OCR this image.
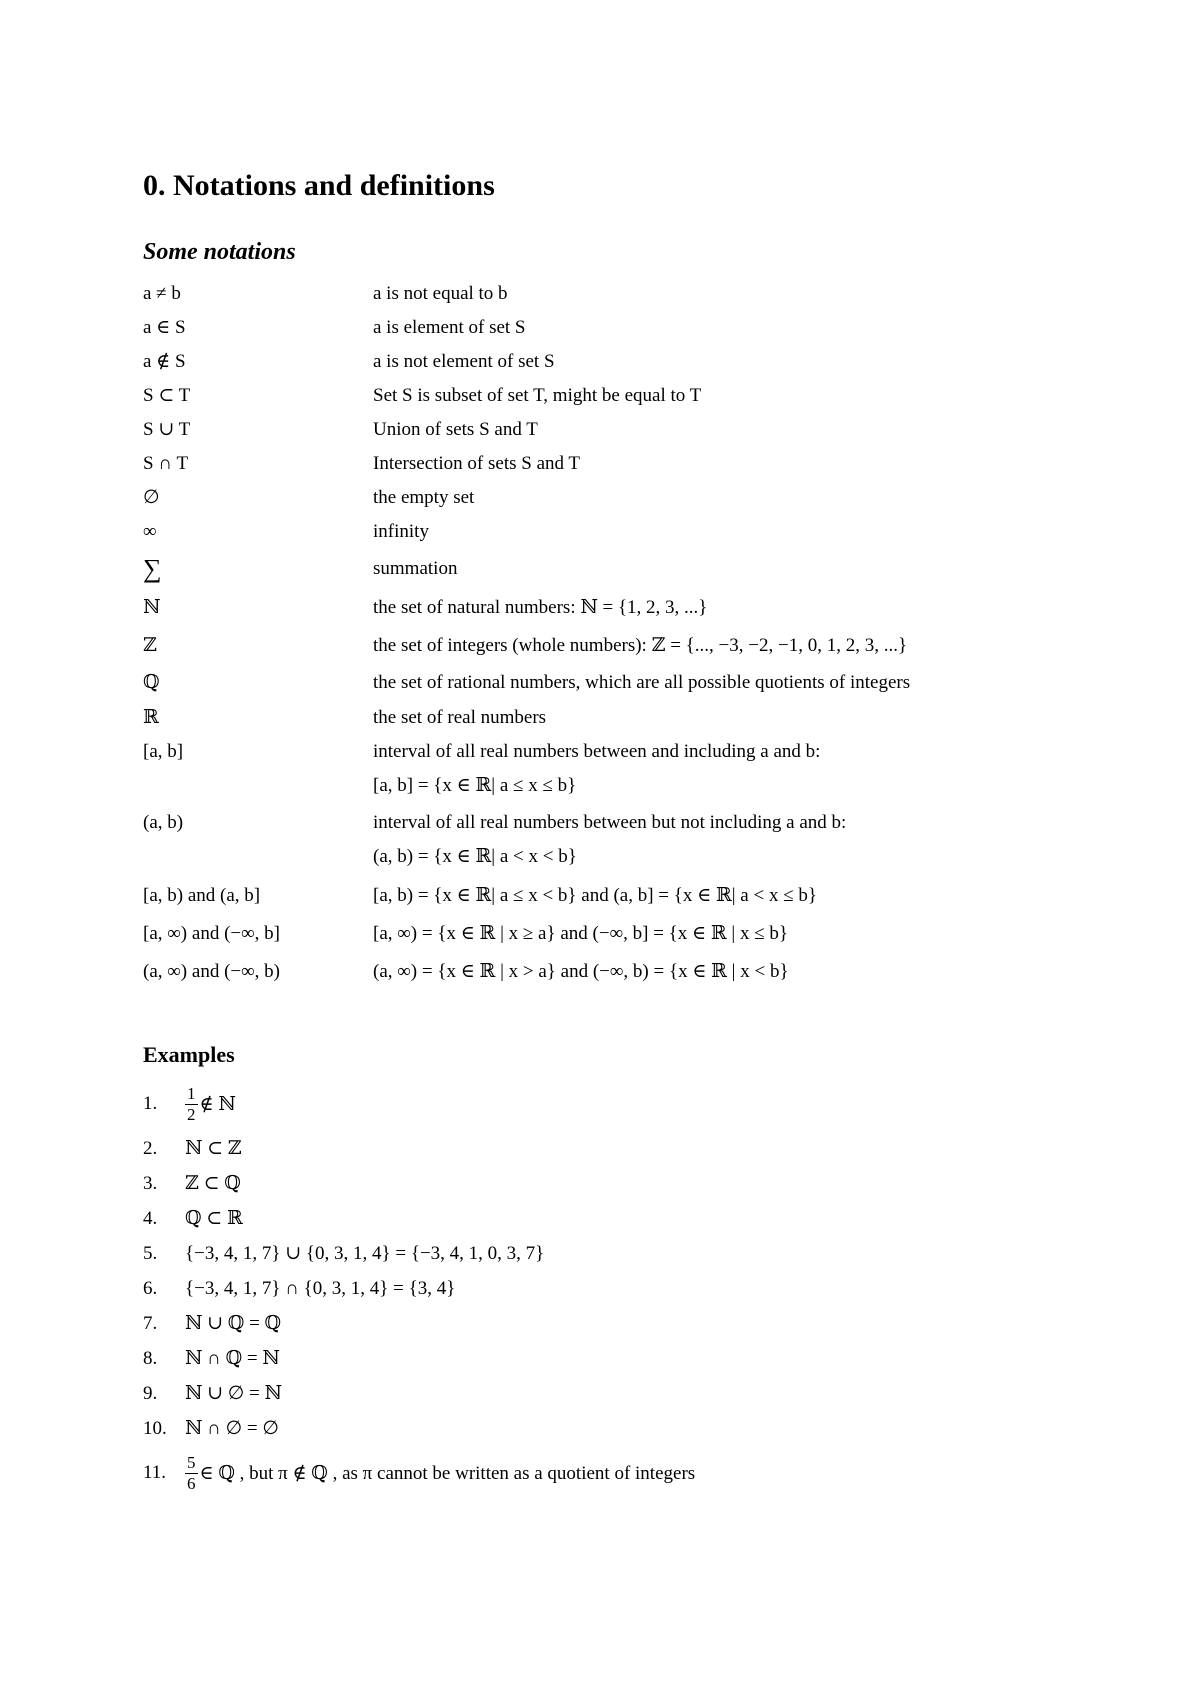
0. Notations and definitions
Some notations
a ≠ b	a is not equal to b
a ∈ S	a is element of set S
a ∉ S	a is not element of set S
S ⊂ T	Set S is subset of set T, might be equal to T
S ∪ T	Union of sets S and T
S ∩ T	Intersection of sets S and T
∅	the empty set
∞	infinity
∑	summation
ℕ	the set of natural numbers: ℕ = {1, 2, 3, ...}
ℤ	the set of integers (whole numbers): ℤ = {..., −3, −2, −1, 0, 1, 2, 3, ...}
ℚ	the set of rational numbers, which are all possible quotients of integers
ℝ	the set of real numbers
[a, b]	interval of all real numbers between and including a and b:
[a, b] = {x ∈ ℝ| a ≤ x ≤ b}
(a, b)	interval of all real numbers between but not including a and b:
(a, b) = {x ∈ ℝ| a < x < b}
[a, b) and (a, b]	[a, b) = {x ∈ ℝ| a ≤ x < b} and (a, b] = {x ∈ ℝ| a < x ≤ b}
[a, ∞) and (−∞, b]	[a, ∞) = {x ∈ ℝ | x ≥ a} and (−∞, b] = {x ∈ ℝ | x ≤ b}
(a, ∞) and (−∞, b)	(a, ∞) = {x ∈ ℝ | x > a} and (−∞, b) = {x ∈ ℝ | x < b}
Examples
1.	$\frac{1}{2}$ ∉ ℕ
2.	ℕ ⊂ ℤ
3.	ℤ ⊂ ℚ
4.	ℚ ⊂ ℝ
5.	{−3, 4, 1, 7} ∪ {0, 3, 1, 4} = {−3, 4, 1, 0, 3, 7}
6.	{−3, 4, 1, 7} ∩ {0, 3, 1, 4} = {3, 4}
7.	ℕ ∪ ℚ = ℚ
8.	ℕ ∩ ℚ = ℕ
9.	ℕ ∪ ∅ = ℕ
10. ℕ ∩ ∅ = ∅
11.	$\frac{5}{6}$ ∈ ℚ , but π ∉ ℚ , as π cannot be written as a quotient of integers
